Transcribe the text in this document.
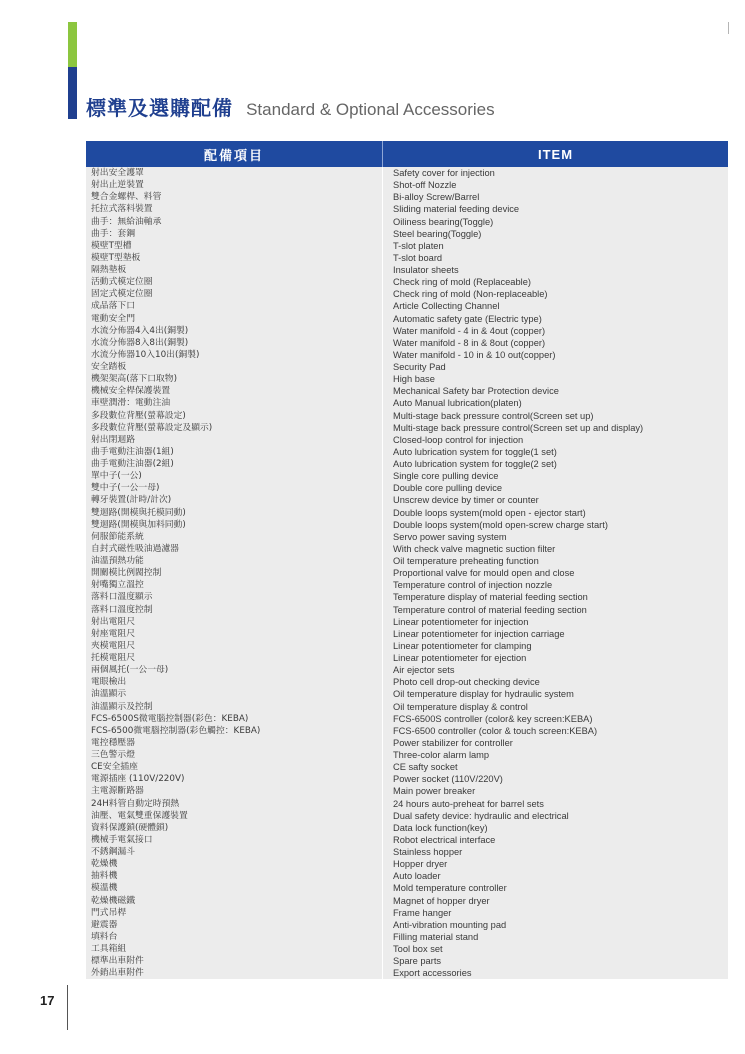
標準及選購配備 Standard & Optional Accessories
配備項目	ITEM
射出安全護罩	Safety cover for injection
射出止逆裝置	Shot-off Nozzle
雙合金螺桿、料管	Bi-alloy Screw/Barrel
托拉式落料裝置	Sliding material feeding device
曲手：無給油軸承	Oiliness bearing(Toggle)
曲手：套鋼	Steel bearing(Toggle)
模壁T型槽	T-slot platen
模壁T型墊板	T-slot board
隔熱墊板	Insulator sheets
活動式模定位圈	Check ring of mold (Replaceable)
固定式模定位圈	Check ring of mold (Non-replaceable)
成品落下口	Article Collecting Channel
電動安全門	Automatic safety gate (Electric type)
水流分佈器4入4出(銅製)	Water manifold - 4 in & 4out (copper)
水流分佈器8入8出(銅製)	Water manifold - 8 in & 8out (copper)
水流分佈器10入10出(銅製)	Water manifold - 10 in & 10 out(copper)
安全踏板	Security Pad
機架架高(落下口取物)	High base
機械安全桿保護裝置	Mechanical Safety bar Protection device
車壁潤滑：電動注油	Auto Manual lubrication(platen)
多段數位背壓(螢幕設定)	Multi-stage back pressure control(Screen set up)
多段數位背壓(螢幕設定及顯示)	Multi-stage back pressure control(Screen set up and display)
射出閉迴路	Closed-loop control for injection
曲手電動注油器(1組)	Auto lubrication system for toggle(1 set)
曲手電動注油器(2組)	Auto lubrication system for toggle(2 set)
單中子(一公)	Single core pulling device
雙中子(一公一母)	Double core pulling device
轉牙裝置(計時/計次)	Unscrew device by timer or counter
雙迴路(開模與托模同動)	Double loops system(mold open - ejector start)
雙迴路(開模與加料同動)	Double loops system(mold open-screw charge start)
伺服節能系統	Servo power saving system
自封式磁性吸油過濾器	With check valve magnetic suction filter
油溫預熱功能	Oil temperature preheating function
開關模比例閥控制	Proportional valve for mould open and close
射嘴獨立溫控	Temperature control of injection nozzle
落料口溫度顯示	Temperature display of material feeding section
落料口溫度控制	Temperature control of material feeding section
射出電阻尺	Linear potentiometer for injection
射座電阻尺	Linear potentiometer for injection carriage
夾模電阻尺	Linear potentiometer for clamping
托模電阻尺	Linear potentiometer for ejection
兩個風托(一公一母)	Air ejector sets
電眼檢出	Photo cell drop-out checking device
油溫顯示	Oil temperature display for hydraulic system
油溫顯示及控制	Oil temperature display & control
FCS-6500S微電腦控制器(彩色：KEBA)	FCS-6500S controller (color& key screen:KEBA)
FCS-6500微電腦控制器(彩色觸控：KEBA)	FCS-6500 controller (color & touch screen:KEBA)
電控穩壓器	Power stabilizer for controller
三色警示燈	Three-color alarm lamp
CE安全插座	CE safty socket
電源插座 (110V/220V)	Power socket (110V/220V)
主電源斷路器	Main power breaker
24H料管自動定時預熱	24 hours auto-preheat for barrel sets
油壓、電氣雙重保護裝置	Dual safety device: hydraulic and electrical
資料保護鎖(硬體鎖)	Data lock function(key)
機械手電氣接口	Robot electrical interface
不銹鋼漏斗	Stainless hopper
乾燥機	Hopper dryer
抽料機	Auto loader
模溫機	Mold temperature controller
乾燥機磁鐵	Magnet of hopper dryer
門式吊桿	Frame hanger
避震器	Anti-vibration mounting pad
填料台	Filling material stand
工具箱組	Tool box set
標準出車附件	Spare parts
外銷出車附件	Export accessories
17
